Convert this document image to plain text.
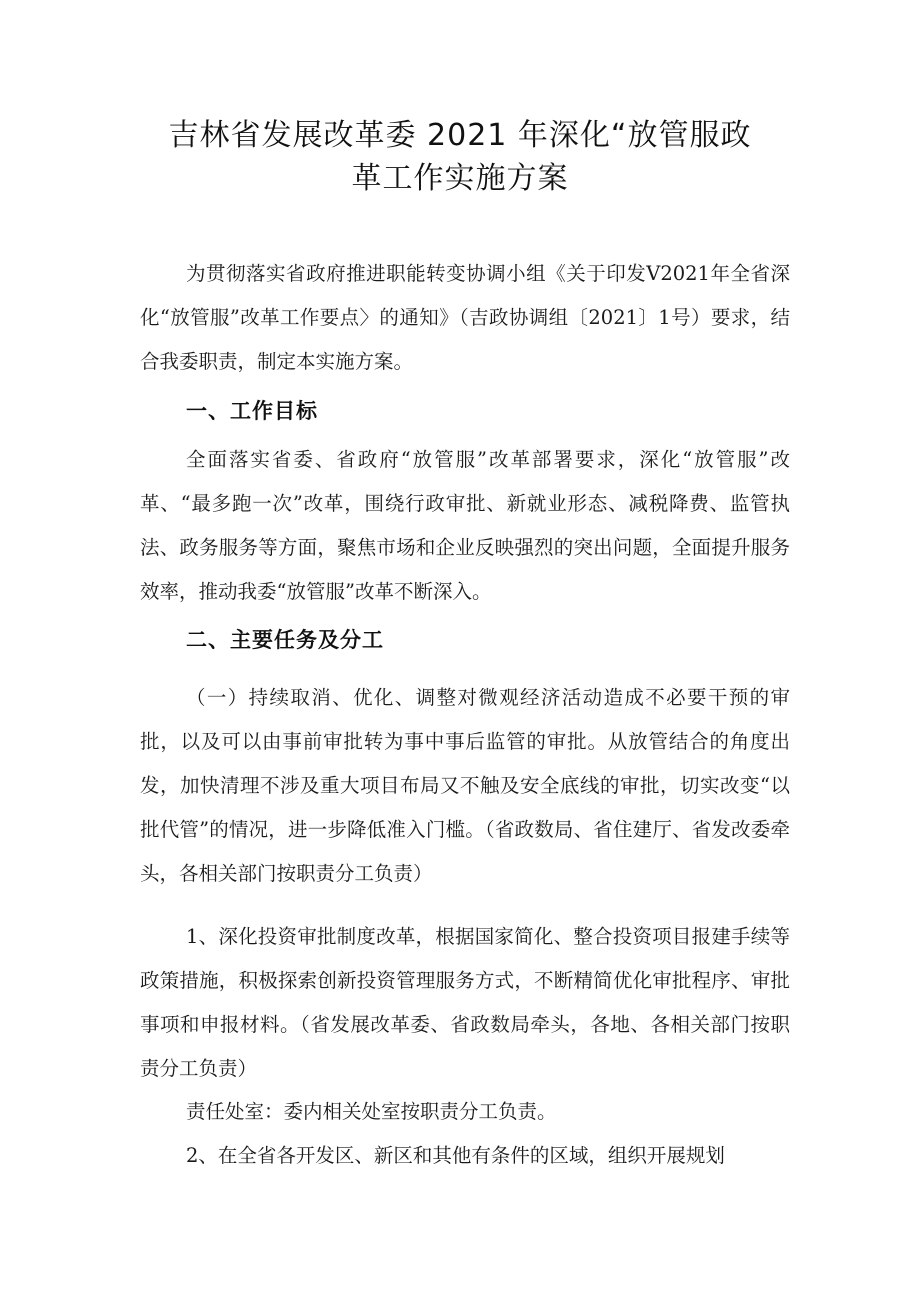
吉林省发展改革委 2021 年深化“放管服政
革工作实施方案
为贯彻落实省政府推进职能转变协调小组《关于印发V2021年全省深化“放管服”改革工作要点〉的通知》（吉政协调组〔2021〕1号）要求，结合我委职责，制定本实施方案。
一、工作目标
全面落实省委、省政府“放管服”改革部署要求，深化“放管服”改革、“最多跑一次”改革，围绕行政审批、新就业形态、减税降费、监管执法、政务服务等方面，聚焦市场和企业反映强烈的突出问题，全面提升服务效率，推动我委“放管服”改革不断深入。
二、主要任务及分工
（一）持续取消、优化、调整对微观经济活动造成不必要干预的审批，以及可以由事前审批转为事中事后监管的审批。从放管结合的角度出发，加快清理不涉及重大项目布局又不触及安全底线的审批，切实改变“以批代管”的情况，进一步降低准入门槛。（省政数局、省住建厅、省发改委牵头，各相关部门按职责分工负责）
1、深化投资审批制度改革，根据国家简化、整合投资项目报建手续等政策措施，积极探索创新投资管理服务方式，不断精简优化审批程序、审批事项和申报材料。（省发展改革委、省政数局牵头，各地、各相关部门按职责分工负责）
责任处室：委内相关处室按职责分工负责。
2、在全省各开发区、新区和其他有条件的区域，组织开展规划
